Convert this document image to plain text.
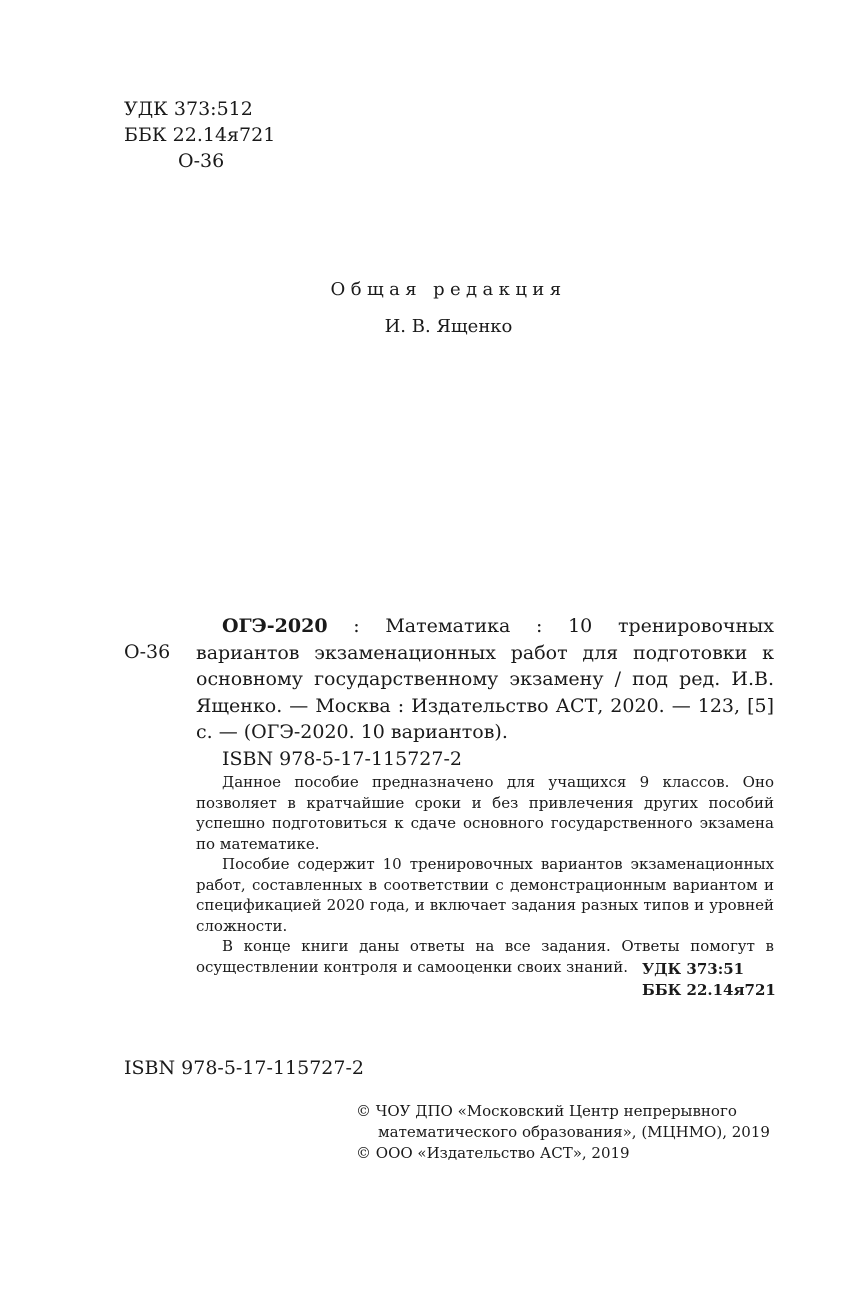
УДК 373:512
ББК 22.14я721
О-36
Общая редакция
И. В. Ященко
О-36
ОГЭ-2020 : Математика : 10 тренировочных вариантов экзаменационных работ для подготовки к основному государственному экзамену / под ред. И.В. Ященко. — Москва : Издательство АСТ, 2020. — 123, [5] с. — (ОГЭ-2020. 10 вариантов).
ISBN 978-5-17-115727-2

Данное пособие предназначено для учащихся 9 классов. Оно позволяет в кратчайшие сроки и без привлечения других пособий успешно подготовиться к сдаче основного государственного экзамена по математике.

Пособие содержит 10 тренировочных вариантов экзаменационных работ, составленных в соответствии с демонстрационным вариантом и спецификацией 2020 года, и включает задания разных типов и уровней сложности.

В конце книги даны ответы на все задания. Ответы помогут в осуществлении контроля и самооценки своих знаний. УДК 373:51
ББК 22.14я721
ISBN 978-5-17-115727-2
© ЧОУ ДПО «Московский Центр непрерывного
математического образования», (МЦНМО), 2019
© ООО «Издательство АСТ», 2019
